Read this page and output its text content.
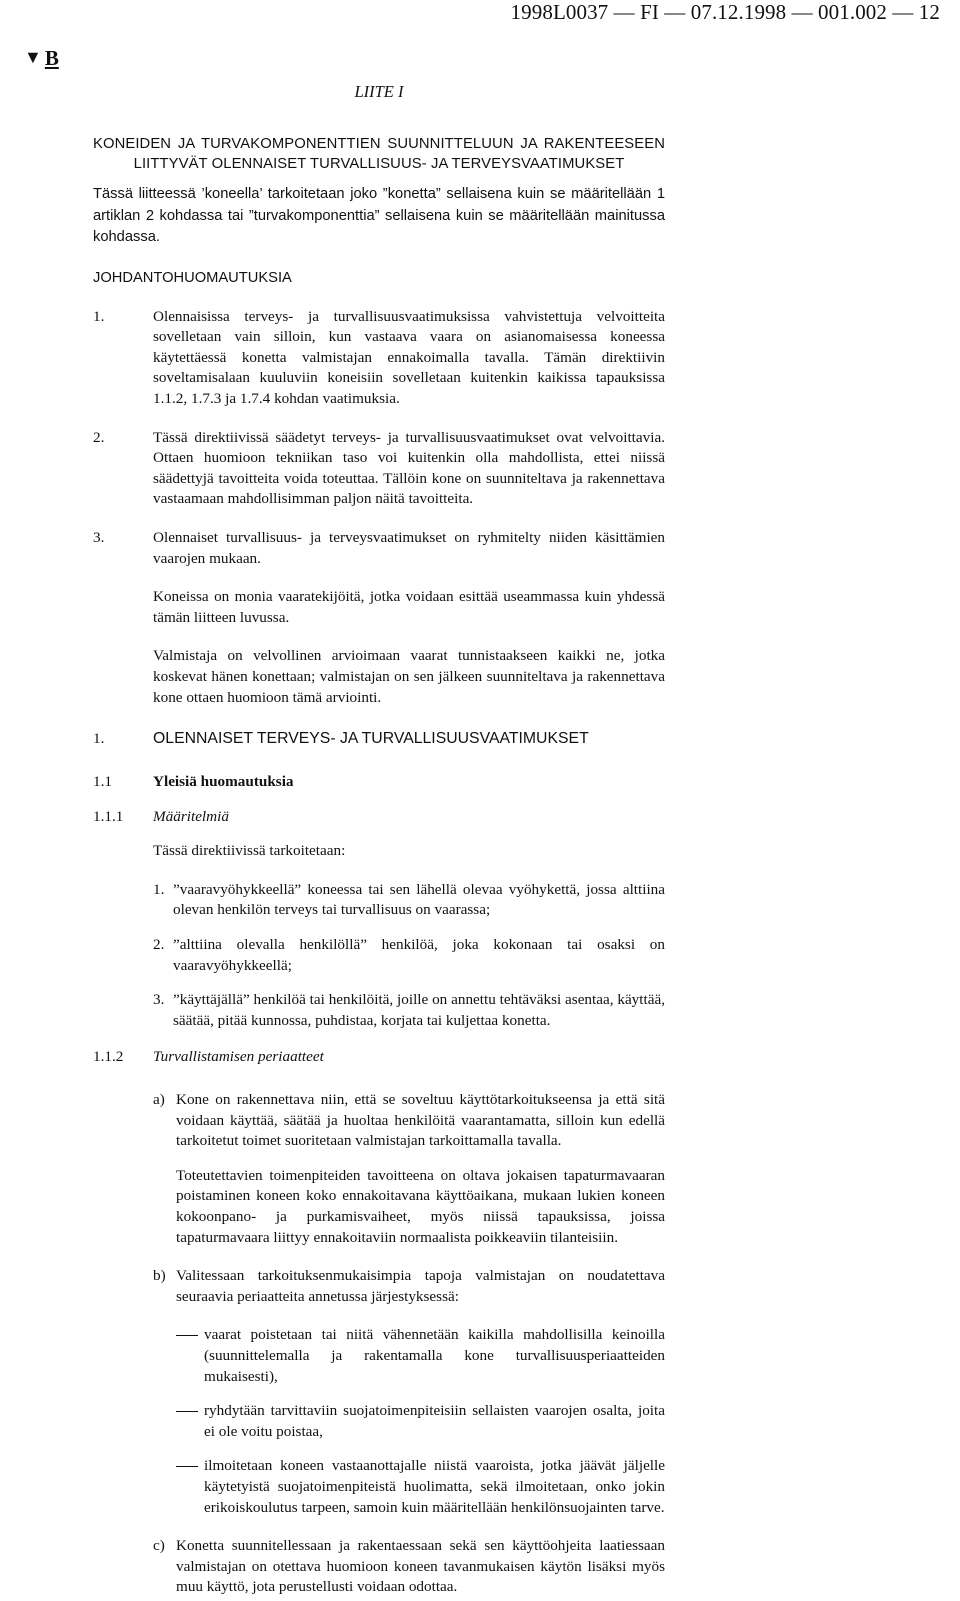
1998L0037 — FI — 07.12.1998 — 001.002 — 12
▼ B
LIITE I
KONEIDEN JA TURVAKOMPONENTTIEN SUUNNITTELUUN JA RAKENTEESEEN LIITTYVÄT OLENNAISET TURVALLISUUS- JA TERVEYSVAATIMUKSET
Tässä liitteessä ’koneella’ tarkoitetaan joko ”konetta” sellaisena kuin se määritellään 1 artiklan 2 kohdassa tai ”turvakomponenttia” sellaisena kuin se määritellään mainitussa kohdassa.
JOHDANTOHUOMAUTUKSIA
1.	Olennaisissa terveys- ja turvallisuusvaatimuksissa vahvistettuja velvoitteita sovelletaan vain silloin, kun vastaava vaara on asianomaisessa koneessa käytettäessä konetta valmistajan ennakoimalla tavalla. Tämän direktiivin soveltamisalaan kuuluviin koneisiin sovelletaan kuitenkin kaikissa tapauksissa 1.1.2, 1.7.3 ja 1.7.4 kohdan vaatimuksia.
2.	Tässä direktiivissä säädetyt terveys- ja turvallisuusvaatimukset ovat velvoittavia. Ottaen huomioon tekniikan taso voi kuitenkin olla mahdollista, ettei niissä säädettyjä tavoitteita voida toteuttaa. Tällöin kone on suunniteltava ja rakennettava vastaamaan mahdollisimman paljon näitä tavoitteita.
3.	Olennaiset turvallisuus- ja terveysvaatimukset on ryhmitelty niiden käsittämien vaarojen mukaan.
Koneissa on monia vaaratekijöitä, jotka voidaan esittää useammassa kuin yhdessä tämän liitteen luvussa.
Valmistaja on velvollinen arvioimaan vaarat tunnistaakseen kaikki ne, jotka koskevat hänen konettaan; valmistajan on sen jälkeen suunniteltava ja rakennettava kone ottaen huomioon tämä arviointi.
1.	OLENNAISET TERVEYS- JA TURVALLISUUSVAATIMUKSET
1.1	Yleisiä huomautuksia
1.1.1	Määritelmiä
Tässä direktiivissä tarkoitetaan:
1. ”vaaravyöhykkeellä” koneessa tai sen lähellä olevaa vyöhykettä, jossa alttiina olevan henkilön terveys tai turvallisuus on vaarassa;
2. ”alttiina olevalla henkilöllä” henkilöä, joka kokonaan tai osaksi on vaaravyöhykkeellä;
3. ”käyttäjällä” henkilöä tai henkilöitä, joille on annettu tehtäväksi asentaa, käyttää, säätää, pitää kunnossa, puhdistaa, korjata tai kuljettaa konetta.
1.1.2	Turvallistamisen periaatteet
a) Kone on rakennettava niin, että se soveltuu käyttötarkoitukseensa ja että sitä voidaan käyttää, säätää ja huoltaa henkilöitä vaarantamatta, silloin kun edellä tarkoitetut toimet suoritetaan valmistajan tarkoittamalla tavalla.
Toteutettavien toimenpiteiden tavoitteena on oltava jokaisen tapaturmavaaran poistaminen koneen koko ennakoitavana käyttöaikana, mukaan lukien koneen kokoonpano- ja purkamisvaiheet, myös niissä tapauksissa, joissa tapaturmavaara liittyy ennakoitaviin normaalista poikkeaviin tilanteisiin.
b) Valitessaan tarkoituksenmukaisimpia tapoja valmistajan on noudatettava seuraavia periaatteita annetussa järjestyksessä:
vaarat poistetaan tai niitä vähennetään kaikilla mahdollisilla keinoilla (suunnittelemalla ja rakentamalla kone turvallisuusperiaatteiden mukaisesti),
ryhdytään tarvittaviin suojatoimenpiteisiin sellaisten vaarojen osalta, joita ei ole voitu poistaa,
ilmoitetaan koneen vastaanottajalle niistä vaaroista, jotka jäävät jäljelle käytetyistä suojatoimenpiteistä huolimatta, sekä ilmoitetaan, onko jokin erikoiskoulutus tarpeen, samoin kuin määritellään henkilönsuojainten tarve.
c) Konetta suunnitellessaan ja rakentaessaan sekä sen käyttöohjeita laatiessaan valmistajan on otettava huomioon koneen tavanmukaisen käytön lisäksi myös muu käyttö, jota perustellusti voidaan odottaa.
